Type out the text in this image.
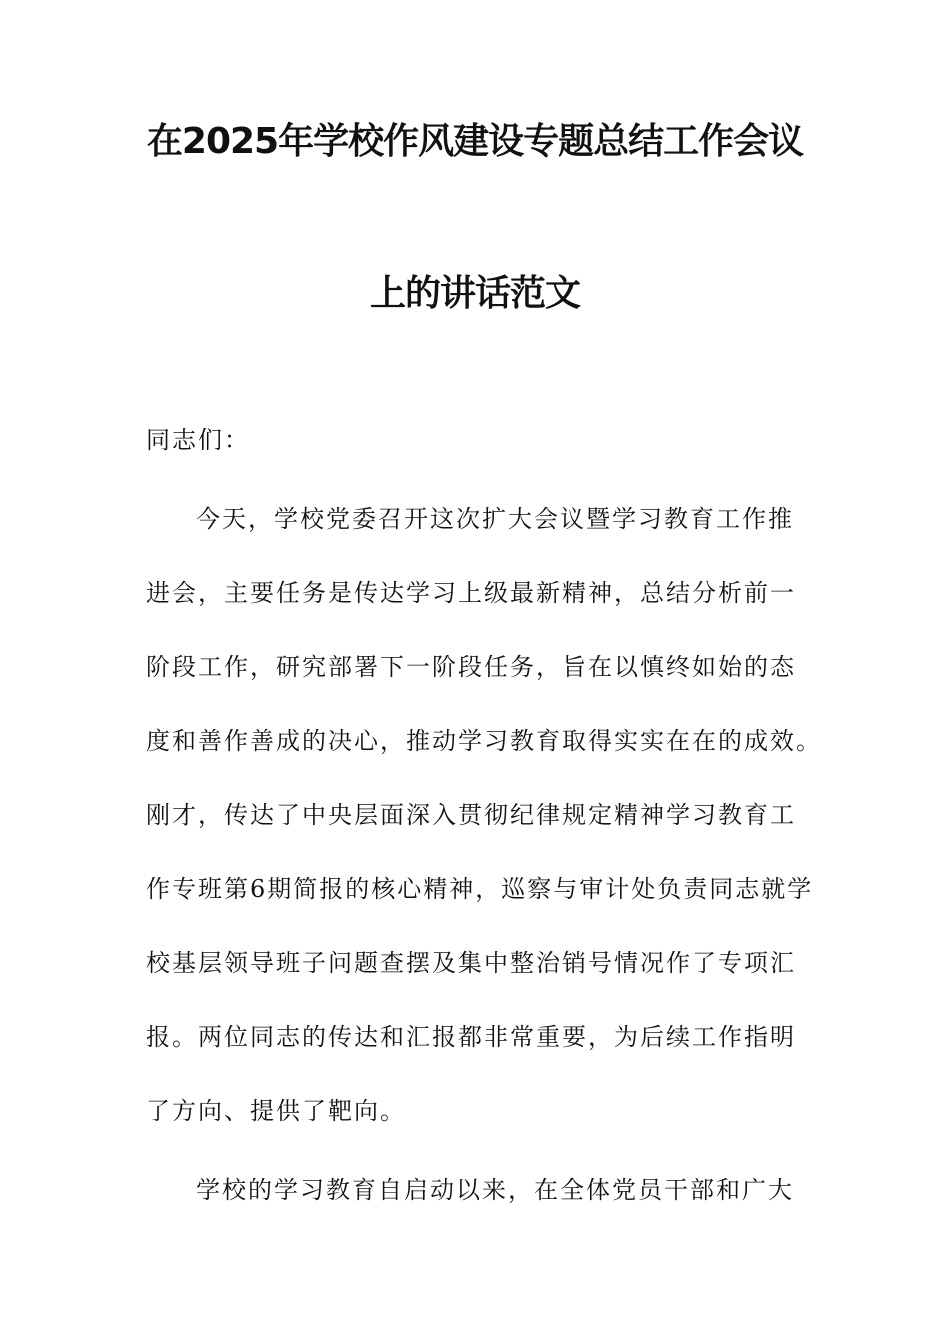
在2025年学校作风建设专题总结工作会议
上的讲话范文
同志们：
今天，学校党委召开这次扩大会议暨学习教育工作推
进会，主要任务是传达学习上级最新精神，总结分析前一
阶段工作，研究部署下一阶段任务，旨在以慎终如始的态
度和善作善成的决心，推动学习教育取得实实在在的成效。
刚才，传达了中央层面深入贯彻纪律规定精神学习教育工
作专班第6期简报的核心精神，巡察与审计处负责同志就学
校基层领导班子问题查摆及集中整治销号情况作了专项汇
报。两位同志的传达和汇报都非常重要，为后续工作指明
了方向、提供了靶向。
学校的学习教育自启动以来，在全体党员干部和广大
